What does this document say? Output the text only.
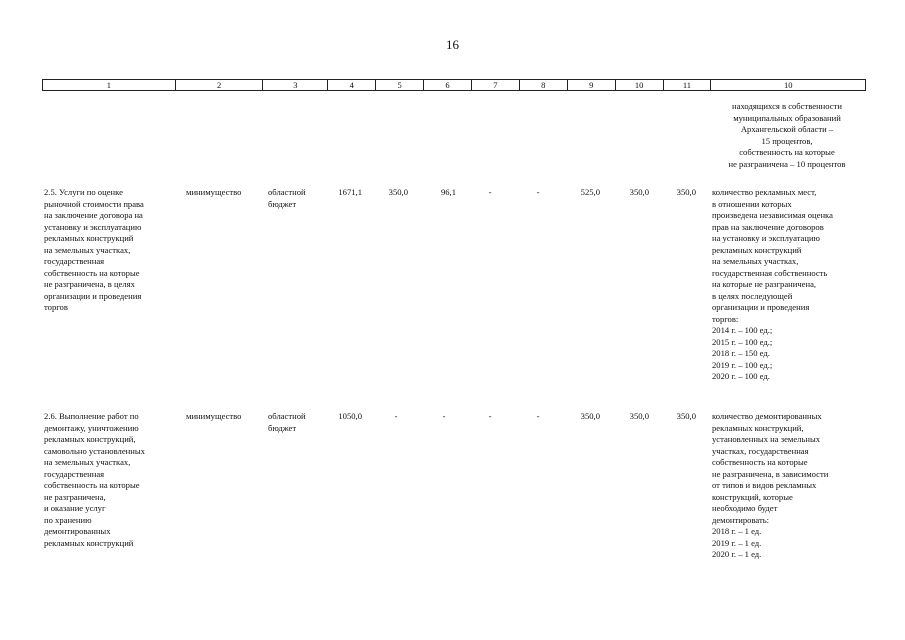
16
1	2	3	4	5	6	7	8	9	10	11	10
находящихся в собственности
муниципальных образований
Архангельской области –
15 процентов,
собственность на которые
не разграничена – 10 процентов
2.5. Услуги по оценке
рыночной стоимости права
на заключение договора на
установку и эксплуатацию
рекламных конструкций
на земельных участках,
государственная
собственность на которые
не разграничена, в целях
организации и проведения
торгов
минимущество	областной
бюджет
1671,1	350,0	96,1	-	-	525,0	350,0	350,0 количество рекламных мест,
в отношении которых
произведена независимая оценка
прав на заключение договоров
на установку и эксплуатацию
рекламных конструкций
на земельных участках,
государственная собственность
на которые не разграничена,
в целях последующей
организации и проведения
торгов:
2014 г. – 100 ед.;
2015 г. – 100 ед.;
2018 г. – 150 ед.
2019 г. – 100 ед.;
2020 г. – 100 ед.
2.6. Выполнение работ по
демонтажу, уничтожению
рекламных конструкций,
самовольно установленных
на земельных участках,
государственная
собственность на которые
не разграничена,
и оказание услуг
по хранению
демонтированных
рекламных конструкций
минимущество	областной
бюджет
1050,0	-	-	-	-	350,0	350,0	350,0 количество демонтированных
рекламных конструкций,
установленных на земельных
участках, государственная
собственность на которые
не разграничена, в зависимости
от типов и видов рекламных
конструкций, которые
необходимо будет
демонтировать:
2018 г. – 1 ед.
2019 г. – 1 ед.
2020 г. – 1 ед.
